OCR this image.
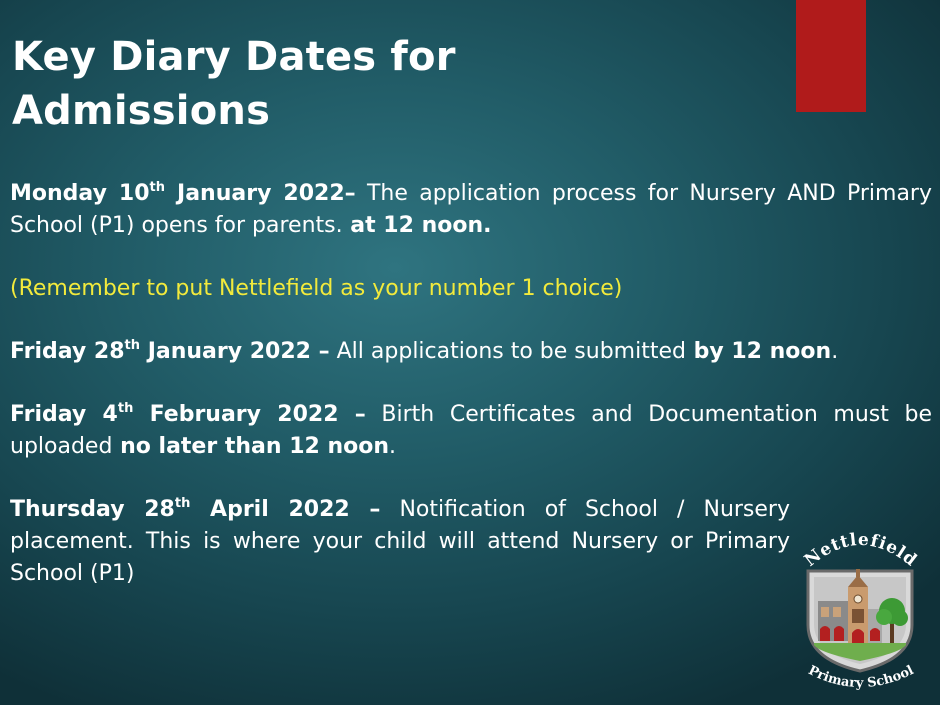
Key Diary Dates for
Admissions

Monday 10th January 2022– The application process for Nursery AND Primary School (P1) opens for parents. at 12 noon.

(Remember to put Nettlefield as your number 1 choice)

Friday 28th January 2022 – All applications to be submitted by 12 noon.

Friday 4th February 2022 – Birth Certificates and Documentation must be uploaded no later than 12 noon.

Thursday 28th April 2022 – Notification of School / Nursery placement. This is where your child will attend Nursery or Primary School (P1)

Nettlefield
Primary School
